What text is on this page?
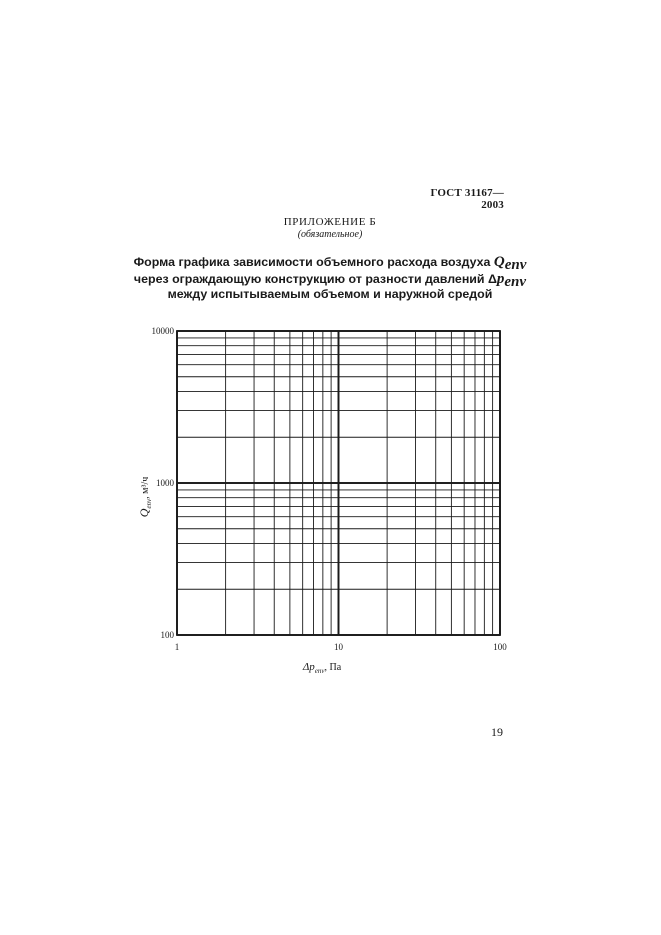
ГОСТ 31167—2003
ПРИЛОЖЕНИЕ Б
(обязательное)
Форма графика зависимости объемного расхода воздуха $Q_{env}$
через ограждающую конструкцию от разности давлений $\Delta p_{env}$
между испытываемым объемом и наружной средой
1	10	100
100
1000
10000
$Q_{env}$, м³/ч
$\Delta p_{env}$, Па
19
